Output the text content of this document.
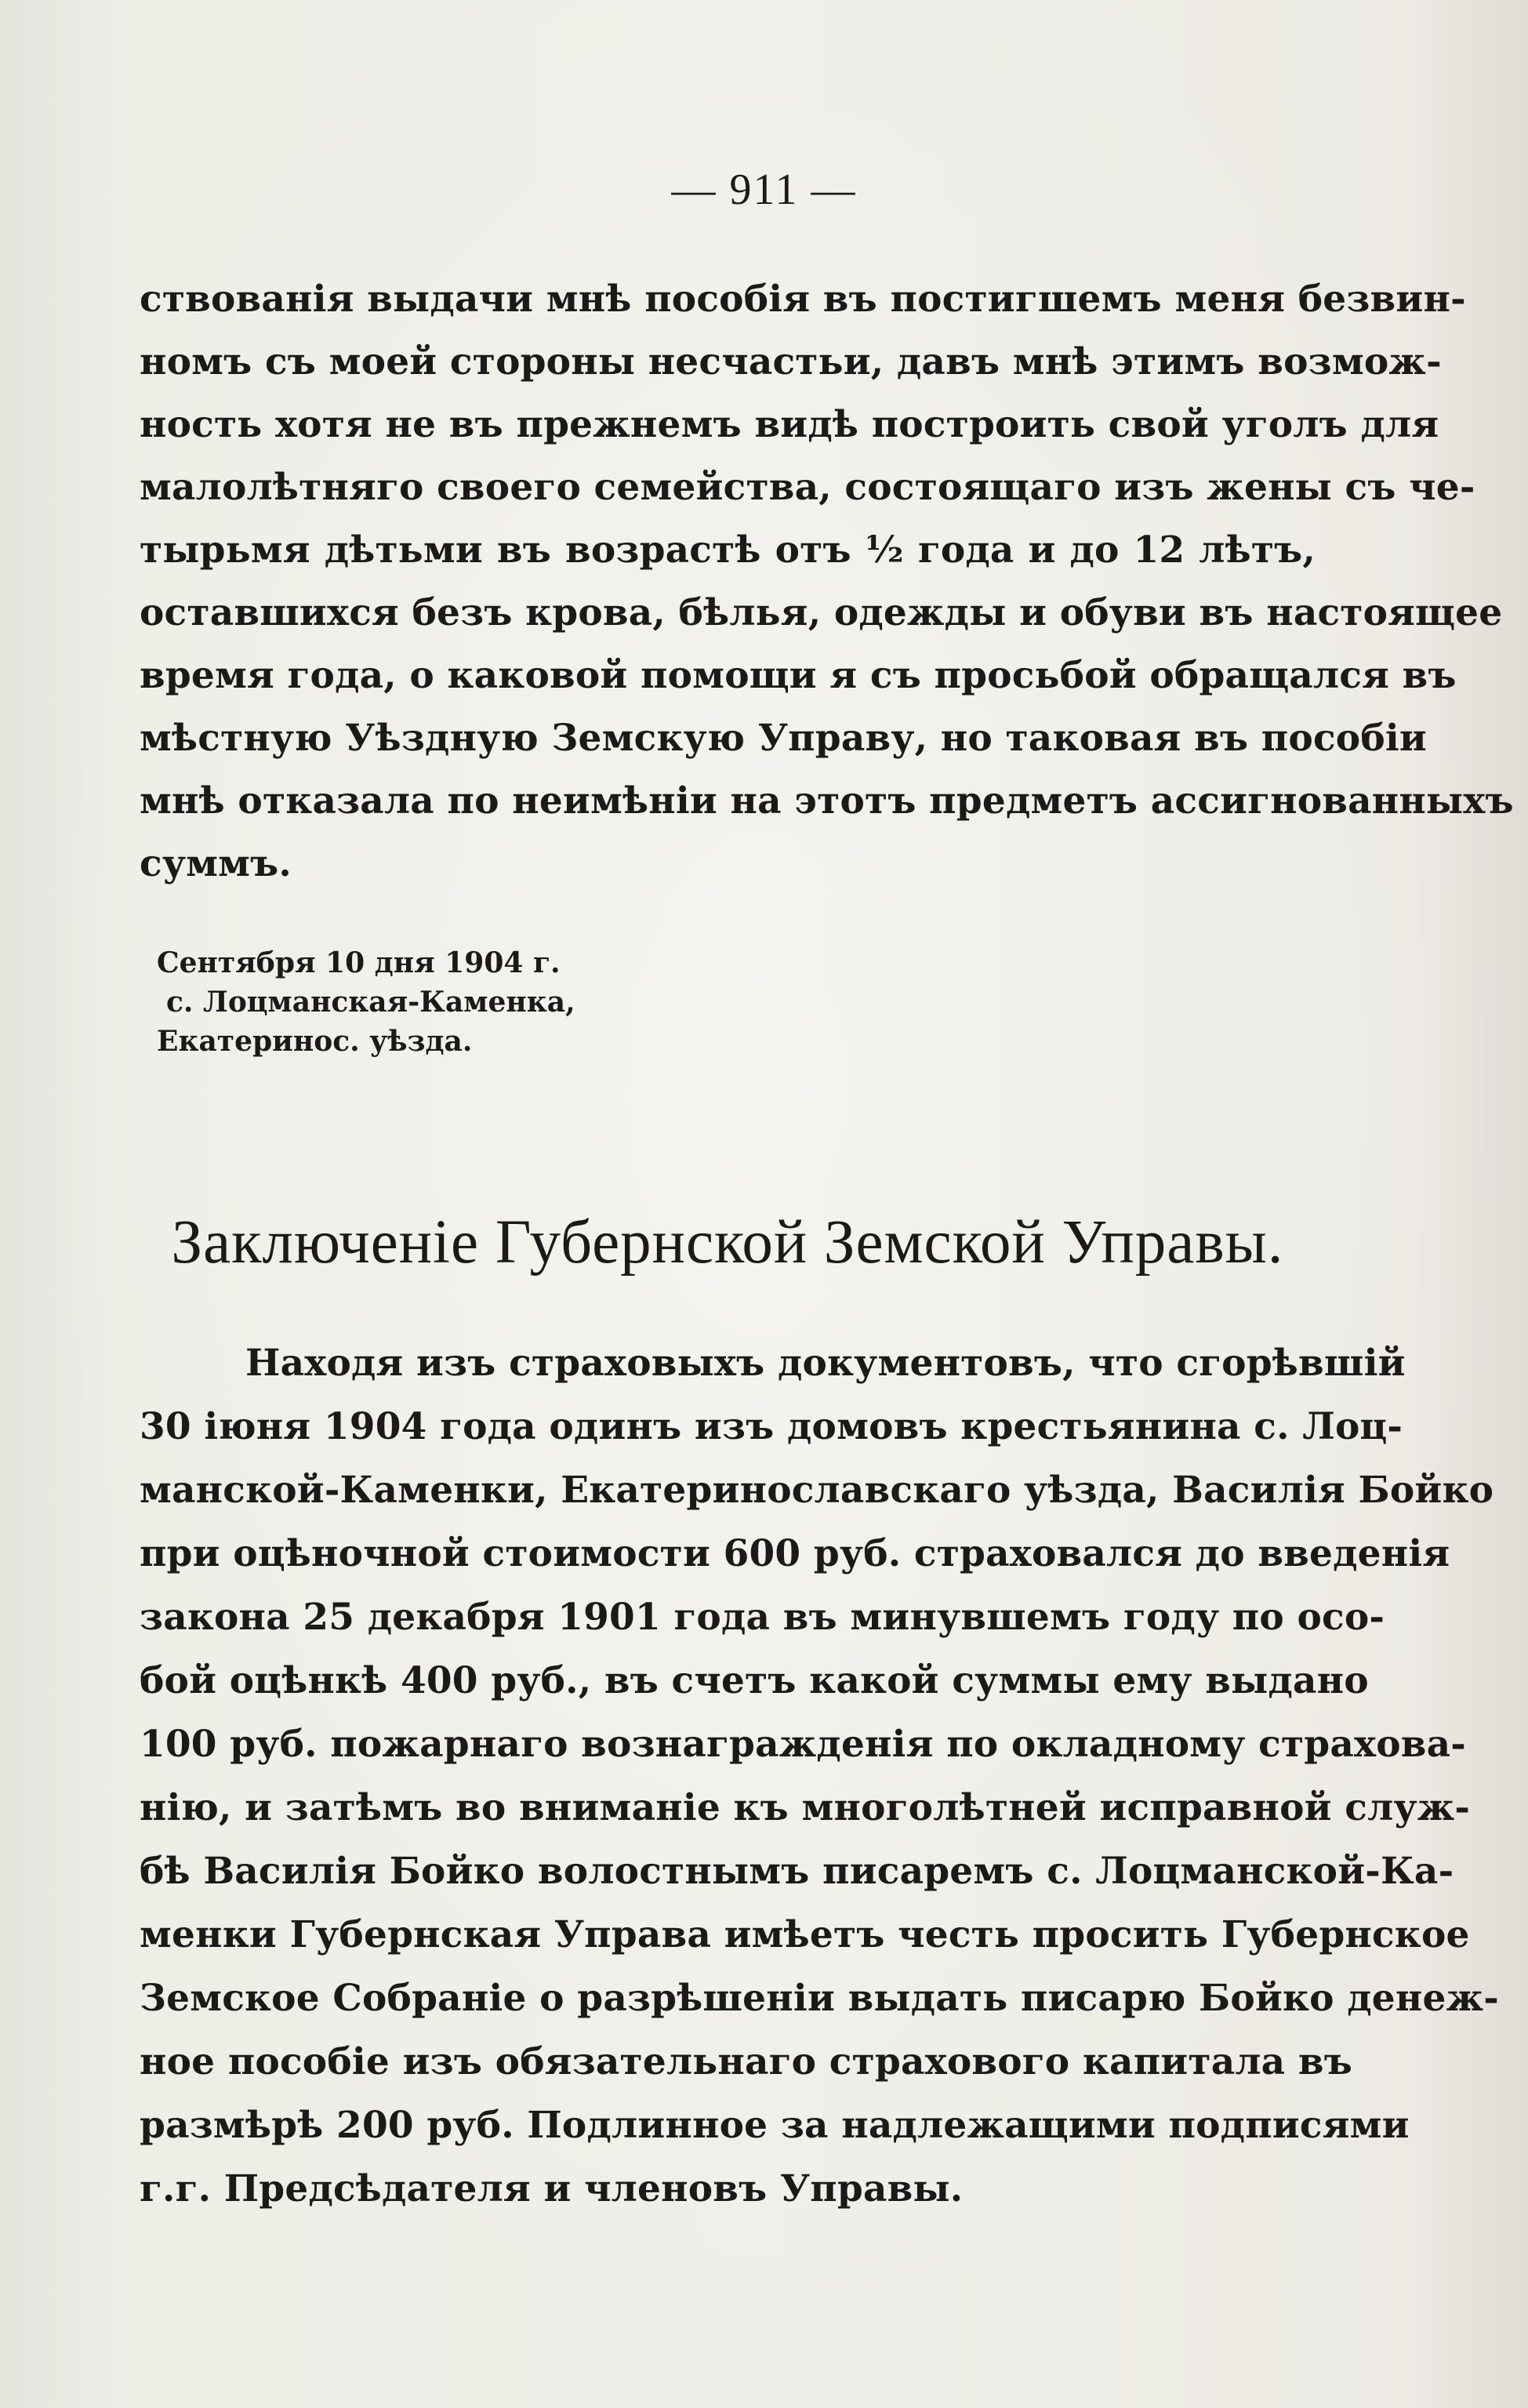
— 911 —
ствованія выдачи мнѣ пособія въ постигшемъ меня безвин-
номъ съ моей стороны несчастьи, давъ мнѣ этимъ возмож-
ность хотя не въ прежнемъ видѣ построить свой уголъ для
малолѣтняго своего семейства, состоящаго изъ жены съ че-
тырьмя дѣтьми въ возрастѣ отъ ½ года и до 12 лѣтъ,
оставшихся безъ крова, бѣлья, одежды и обуви въ настоящее
время года, о каковой помощи я съ просьбой обращался въ
мѣстную Уѣздную Земскую Управу, но таковая въ пособіи
мнѣ отказала по неимѣніи на этотъ предметъ ассигнованныхъ
суммъ.
Сентября 10 дня 1904 г.
с. Лоцманская-Каменка,
Екатеринос. уѣзда.
Заключеніе Губернской Земской Управы.
Находя изъ страховыхъ документовъ, что сгорѣвшій
30 іюня 1904 года одинъ изъ домовъ крестьянина с. Лоц-
манской-Каменки, Екатеринославскаго уѣзда, Василія Бойко
при оцѣночной стоимости 600 руб. страховался до введенія
закона 25 декабря 1901 года въ минувшемъ году по осо-
бой оцѣнкѣ 400 руб., въ счетъ какой суммы ему выдано
100 руб. пожарнаго вознагражденія по окладному страхова-
нію, и затѣмъ во вниманіе къ многолѣтней исправной служ-
бѣ Василія Бойко волостнымъ писаремъ с. Лоцманской-Ка-
менки Губернская Управа имѣетъ честь просить Губернское
Земское Собраніе о разрѣшеніи выдать писарю Бойко денеж-
ное пособіе изъ обязательнаго страхового капитала въ
размѣрѣ 200 руб. Подлинное за надлежащими подписями
г.г. Предсѣдателя и членовъ Управы.
